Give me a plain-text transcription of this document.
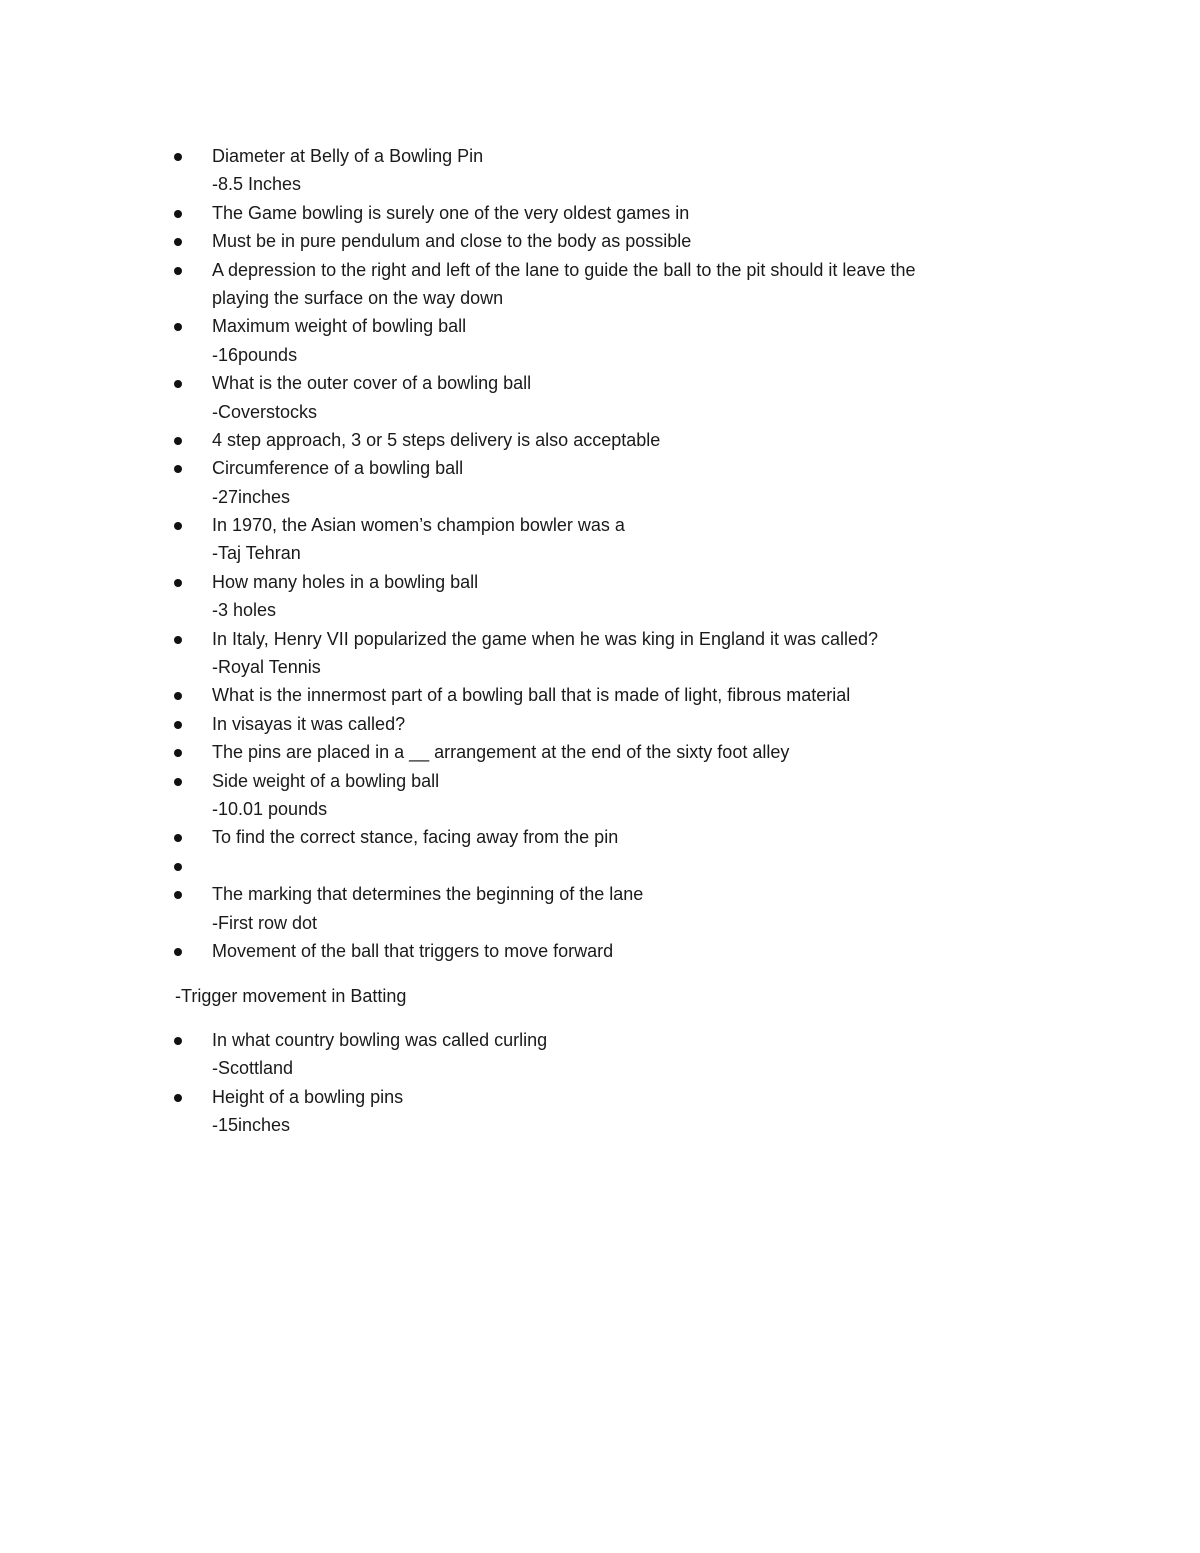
Diameter at Belly of a Bowling Pin
-8.5 Inches
The Game bowling is surely one of the very oldest games in
Must be in pure pendulum and close to the body as possible
A depression to the right and left of the lane to guide the ball to the pit should it leave the
playing the surface on the way down
Maximum weight of bowling ball
-16pounds
What is the outer cover of a bowling ball
-Coverstocks
4 step approach, 3 or 5 steps delivery is also acceptable
Circumference of a bowling ball
-27inches
In 1970, the Asian women’s champion bowler was a
-Taj Tehran
How many holes in a bowling ball
-3 holes
In Italy, Henry VII popularized the game when he was king in England it was called?
-Royal Tennis
What is the innermost part of a bowling ball that is made of light, fibrous material
In visayas it was called?
The pins are placed in a __ arrangement at the end of the sixty foot alley
Side weight of a bowling ball
-10.01 pounds
To find the correct stance, facing away from the pin
The marking that determines the beginning of the lane
-First row dot
Movement of the ball that triggers to move forward
-Trigger movement in Batting
In what country bowling was called curling
-Scottland
Height of a bowling pins
-15inches
